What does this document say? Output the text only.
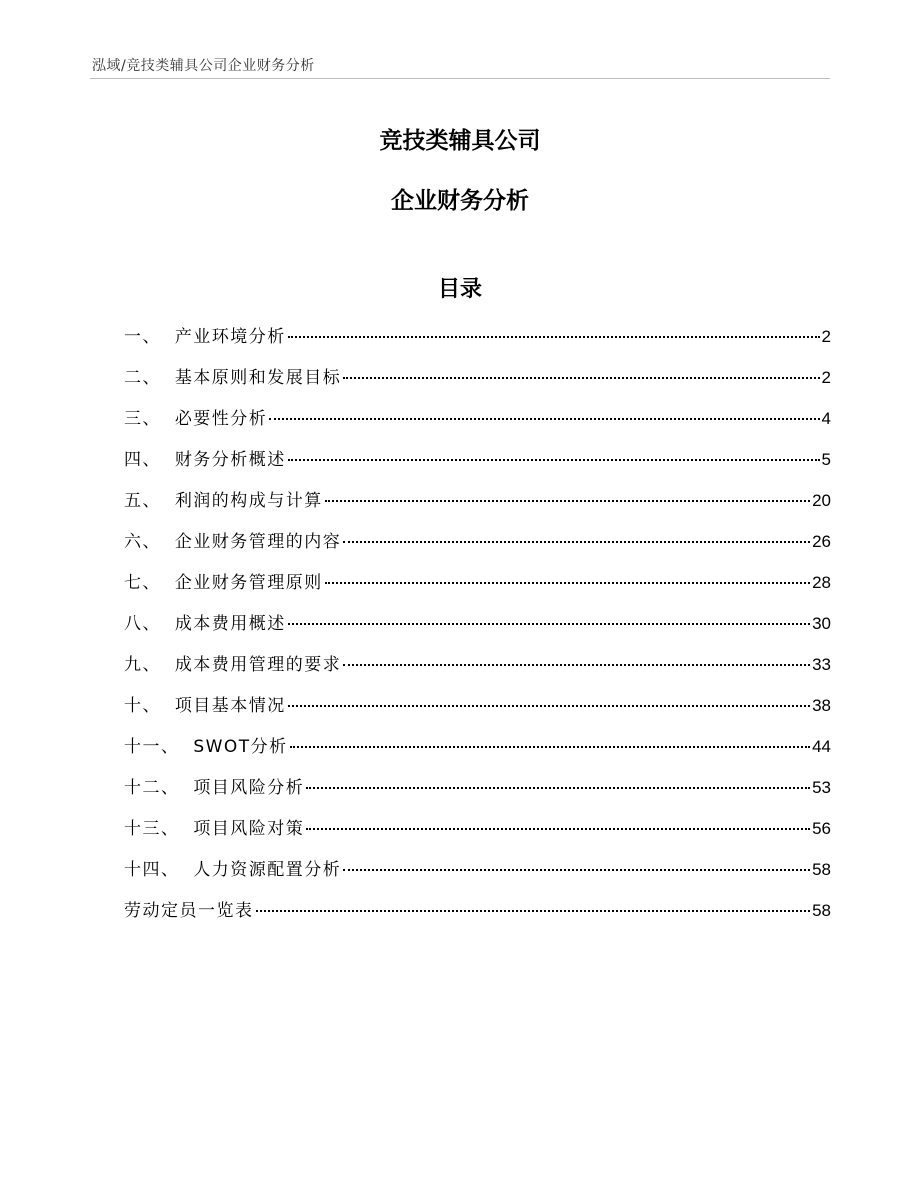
泓域/竞技类辅具公司企业财务分析
竞技类辅具公司
企业财务分析
目录
一、 产业环境分析	2
二、 基本原则和发展目标	2
三、 必要性分析	4
四、 财务分析概述	5
五、 利润的构成与计算	20
六、 企业财务管理的内容	26
七、 企业财务管理原则	28
八、 成本费用概述	30
九、 成本费用管理的要求	33
十、 项目基本情况	38
十一、 SWOT分析	44
十二、 项目风险分析	53
十三、 项目风险对策	56
十四、 人力资源配置分析	58
劳动定员一览表	58
